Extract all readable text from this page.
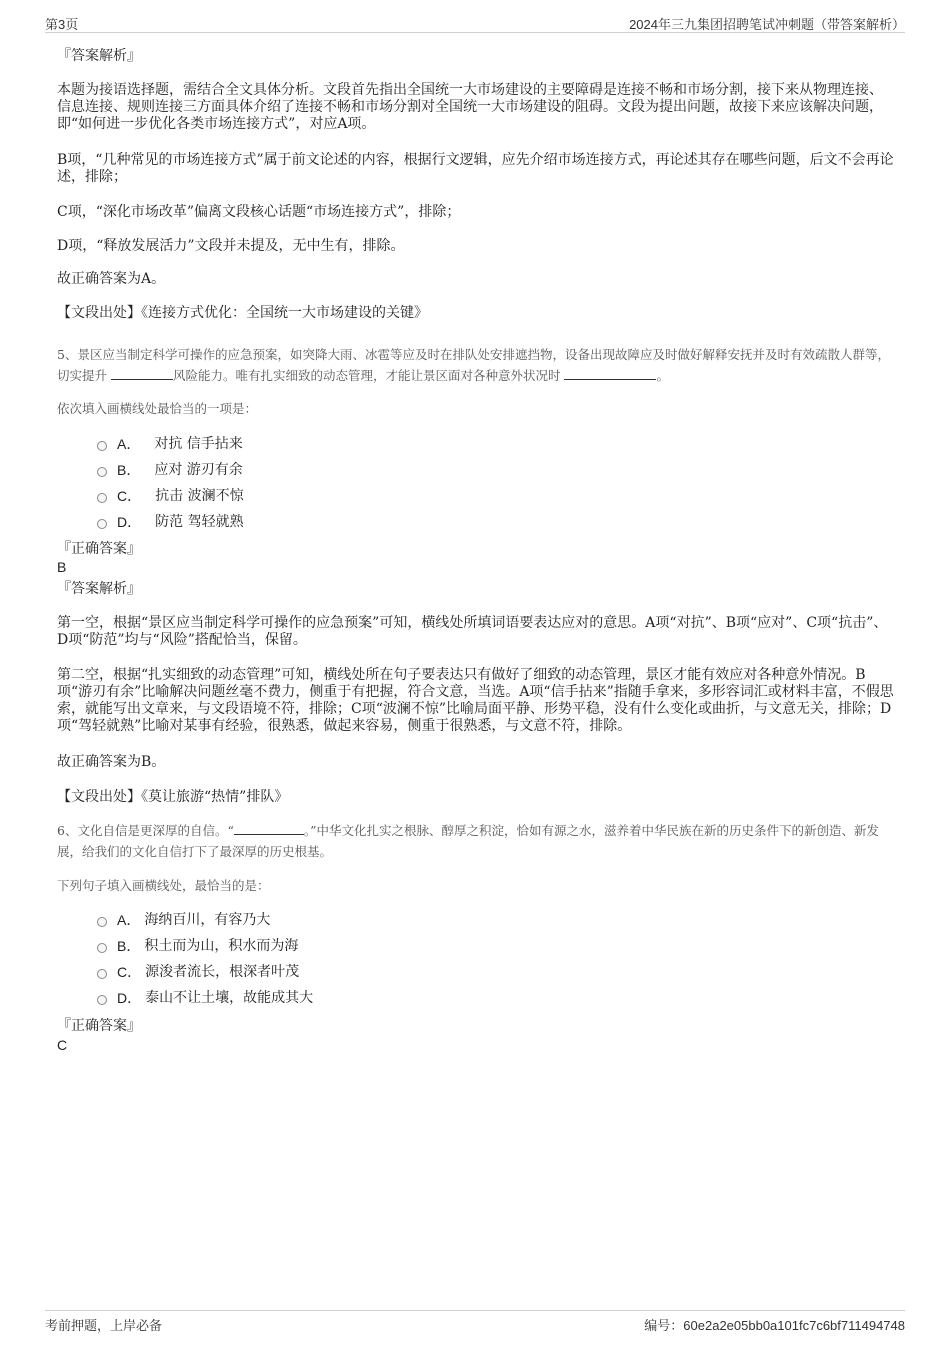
第3页	2024年三九集团招聘笔试冲刺题（带答案解析）
『答案解析』

本题为接语选择题，需结合全文具体分析。文段首先指出全国统一大市场建设的主要障碍是连接不畅和市场分割，接下来从物理连接、信息连接、规则连接三方面具体介绍了连接不畅和市场分割对全国统一大市场建设的阻碍。文段为提出问题，故接下来应该解决问题，即“如何进一步优化各类市场连接方式”，对应A项。

B项，“几种常见的市场连接方式”属于前文论述的内容，根据行文逻辑，应先介绍市场连接方式，再论述其存在哪些问题，后文不会再论述，排除；

C项，“深化市场改革”偏离文段核心话题“市场连接方式”，排除；

D项，“释放发展活力”文段并未提及，无中生有，排除。

故正确答案为A。

【文段出处】《连接方式优化：全国统一大市场建设的关键》

5、景区应当制定科学可操作的应急预案，如突降大雨、冰雹等应及时在排队处安排遮挡物，设备出现故障应及时做好解释安抚并及时有效疏散人群等，切实提升	风险能力。唯有扎实细致的动态管理，才能让景区面对各种意外状况时	。
依次填入画横线处最恰当的一项是：
A． 对抗 信手拈来
B． 应对 游刃有余
C． 抗击 波澜不惊
D． 防范 驾轻就熟
『正确答案』
B
『答案解析』

第一空，根据“景区应当制定科学可操作的应急预案”可知，横线处所填词语要表达应对的意思。A项“对抗”、B项“应对”、C项“抗击”、D项“防范”均与“风险”搭配恰当，保留。

第二空，根据“扎实细致的动态管理”可知，横线处所在句子要表达只有做好了细致的动态管理，景区才能有效应对各种意外情况。B项“游刃有余”比喻解决问题丝毫不费力，侧重于有把握，符合文意，当选。A项“信手拈来”指随手拿来，多形容词汇或材料丰富，不假思索，就能写出文章来，与文段语境不符，排除；C项“波澜不惊”比喻局面平静、形势平稳，没有什么变化或曲折，与文意无关，排除；D项“驾轻就熟”比喻对某事有经验，很熟悉，做起来容易，侧重于很熟悉，与文意不符，排除。

故正确答案为B。

【文段出处】《莫让旅游“热情”排队》

6、文化自信是更深厚的自信。“	。”中华文化扎实之根脉、醇厚之积淀，恰如有源之水，滋养着中华民族在新的历史条件下的新创造、新发展，给我们的文化自信打下了最深厚的历史根基。
下列句子填入画横线处，最恰当的是：
A． 海纳百川，有容乃大
B． 积土而为山，积水而为海
C． 源浚者流长，根深者叶茂
D． 泰山不让土壤，故能成其大
『正确答案』
C
考前押题，上岸必备	编号：60e2a2e05bb0a101fc7c6bf711494748
